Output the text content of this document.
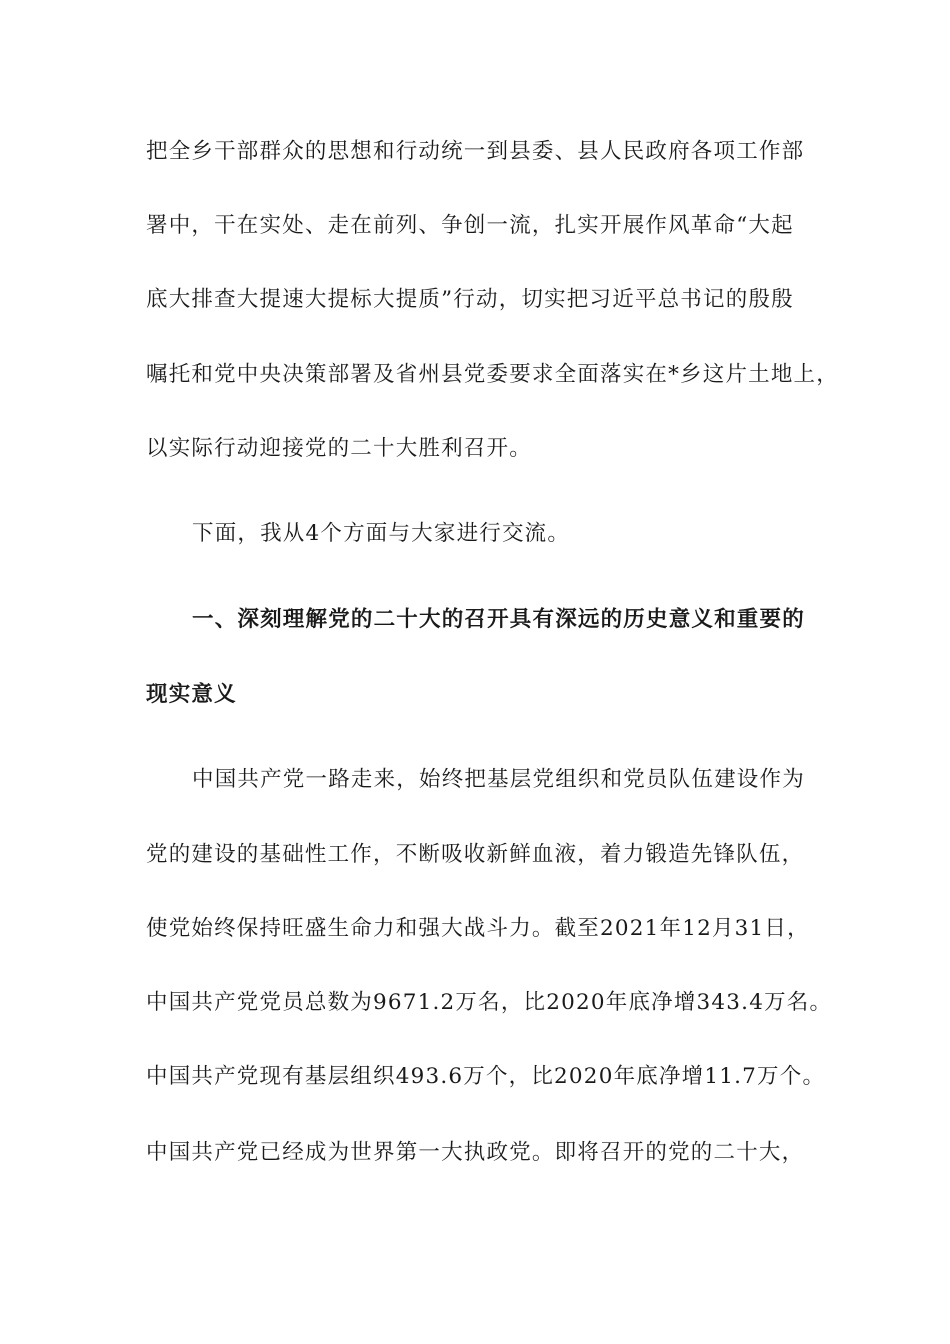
把全乡干部群众的思想和行动统一到县委、县人民政府各项工作部
署中，干在实处、走在前列、争创一流，扎实开展作风革命“大起
底大排查大提速大提标大提质”行动，切实把习近平总书记的殷殷
嘱托和党中央决策部署及省州县党委要求全面落实在*乡这片土地上，
以实际行动迎接党的二十大胜利召开。
下面，我从4个方面与大家进行交流。
一、深刻理解党的二十大的召开具有深远的历史意义和重要的
现实意义
中国共产党一路走来，始终把基层党组织和党员队伍建设作为
党的建设的基础性工作，不断吸收新鲜血液，着力锻造先锋队伍，
使党始终保持旺盛生命力和强大战斗力。截至2021年12月31日，
中国共产党党员总数为9671.2万名，比2020年底净增343.4万名。
中国共产党现有基层组织493.6万个，比2020年底净增11.7万个。
中国共产党已经成为世界第一大执政党。即将召开的党的二十大，
